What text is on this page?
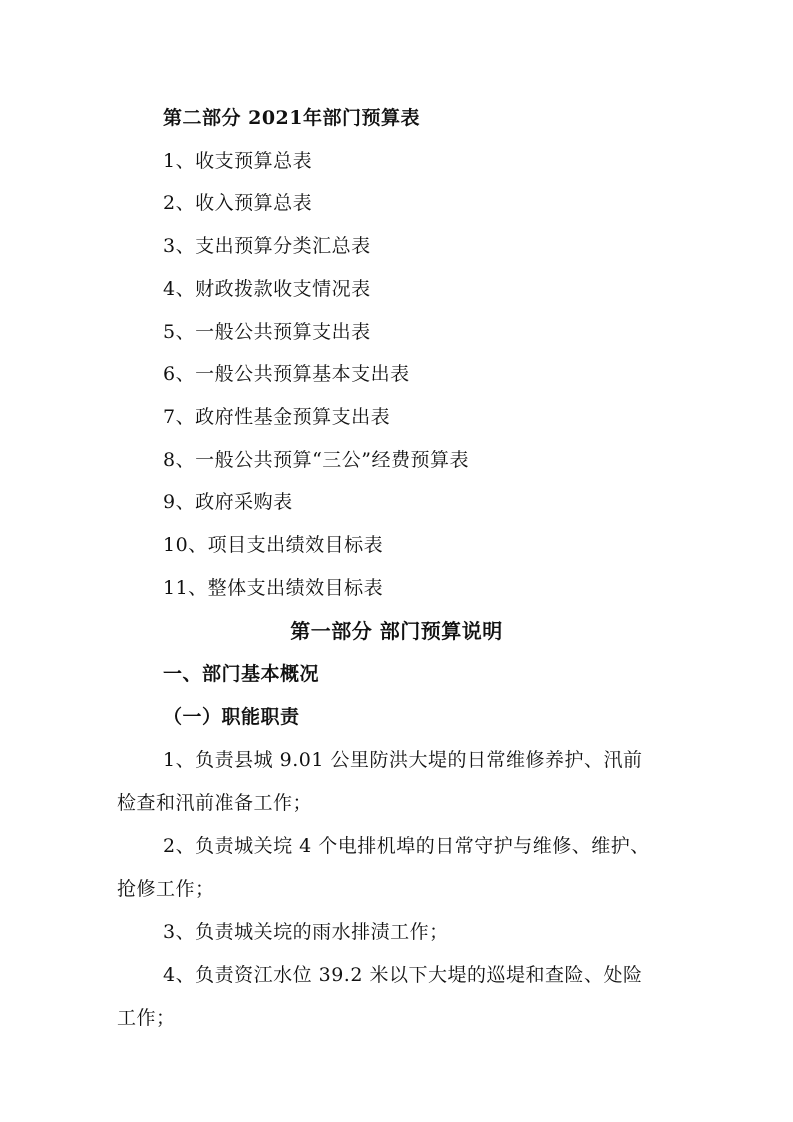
第二部分 2021年部门预算表
1、收支预算总表
2、收入预算总表
3、支出预算分类汇总表
4、财政拨款收支情况表
5、一般公共预算支出表
6、一般公共预算基本支出表
7、政府性基金预算支出表
8、一般公共预算“三公”经费预算表
9、政府采购表
10、项目支出绩效目标表
11、整体支出绩效目标表
第一部分 部门预算说明
一、部门基本概况
（一）职能职责
1、负责县城 9.01 公里防洪大堤的日常维修养护、汛前
检查和汛前准备工作；
2、负责城关垸 4 个电排机埠的日常守护与维修、维护、
抢修工作；
3、负责城关垸的雨水排渍工作；
4、负责资江水位 39.2 米以下大堤的巡堤和查险、处险
工作；
